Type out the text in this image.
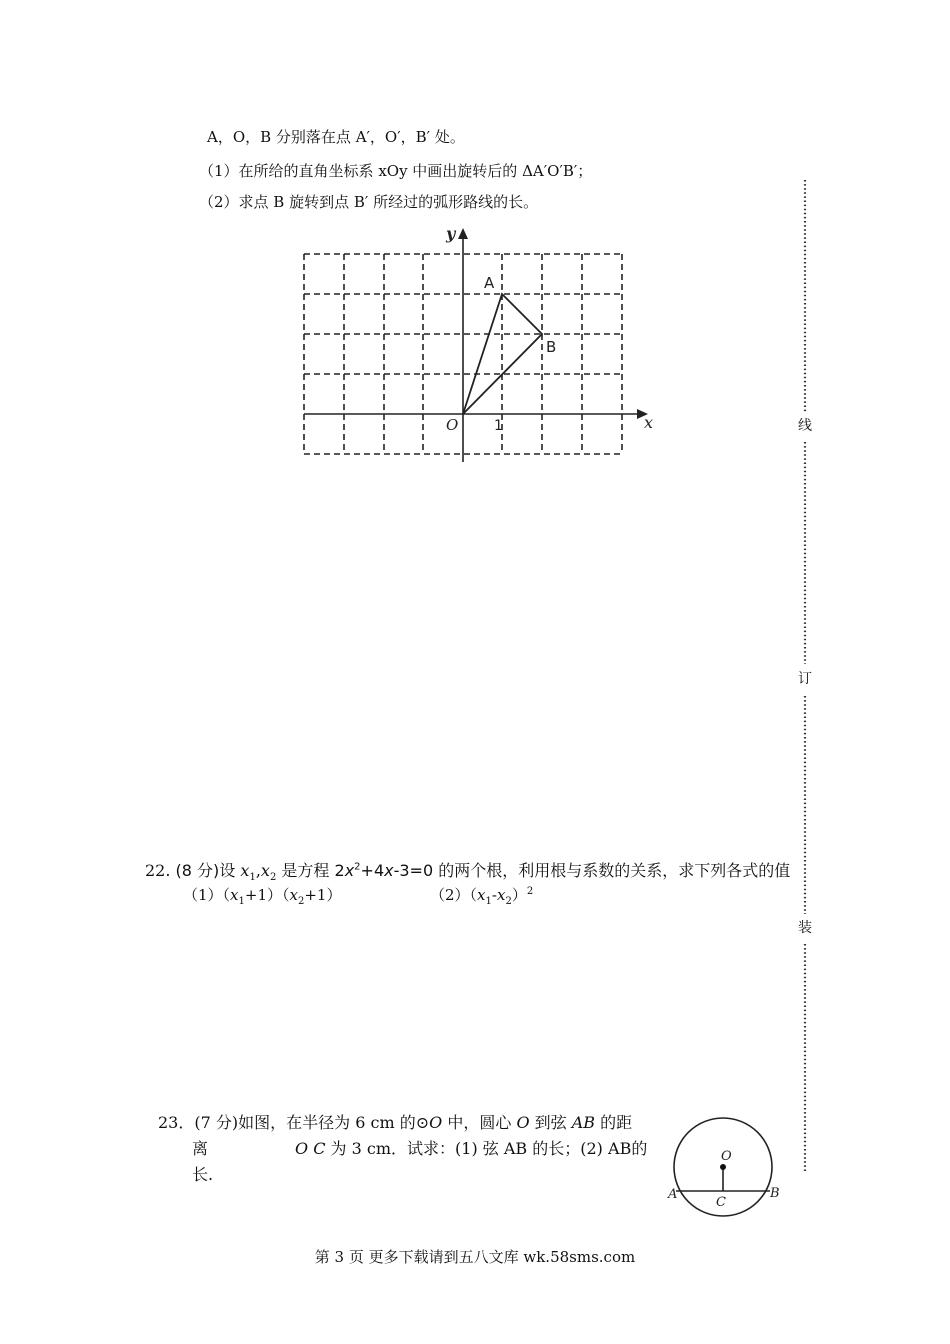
A，O，B 分别落在点 A′，O′，B′ 处。
（1）在所给的直角坐标系 xOy 中画出旋转后的 ΔA′O′B′；
（2）求点 B 旋转到点 B′ 所经过的弧形路线的长。
y
x
O	1
A
B
22. (8 分)设 $x_1,x_2$ 是方程 $2x^2+4x-3=0$ 的两个根，利用根与系数的关系，求下列各式的值
$(1)(x_1+1)(x_2+1)$	$(2)(x_1-x_2)^2$
23．(7 分)如图，在半径为 6 cm 的⊙O 中，圆心 O 到弦 AB 的距
离	O C 为 3 cm．试求：(1) 弦 AB 的长；(2) AB的
长.
O
A	B
C
线
订
装
第 3 页 更多下载请到五八文库 wk.58sms.com
